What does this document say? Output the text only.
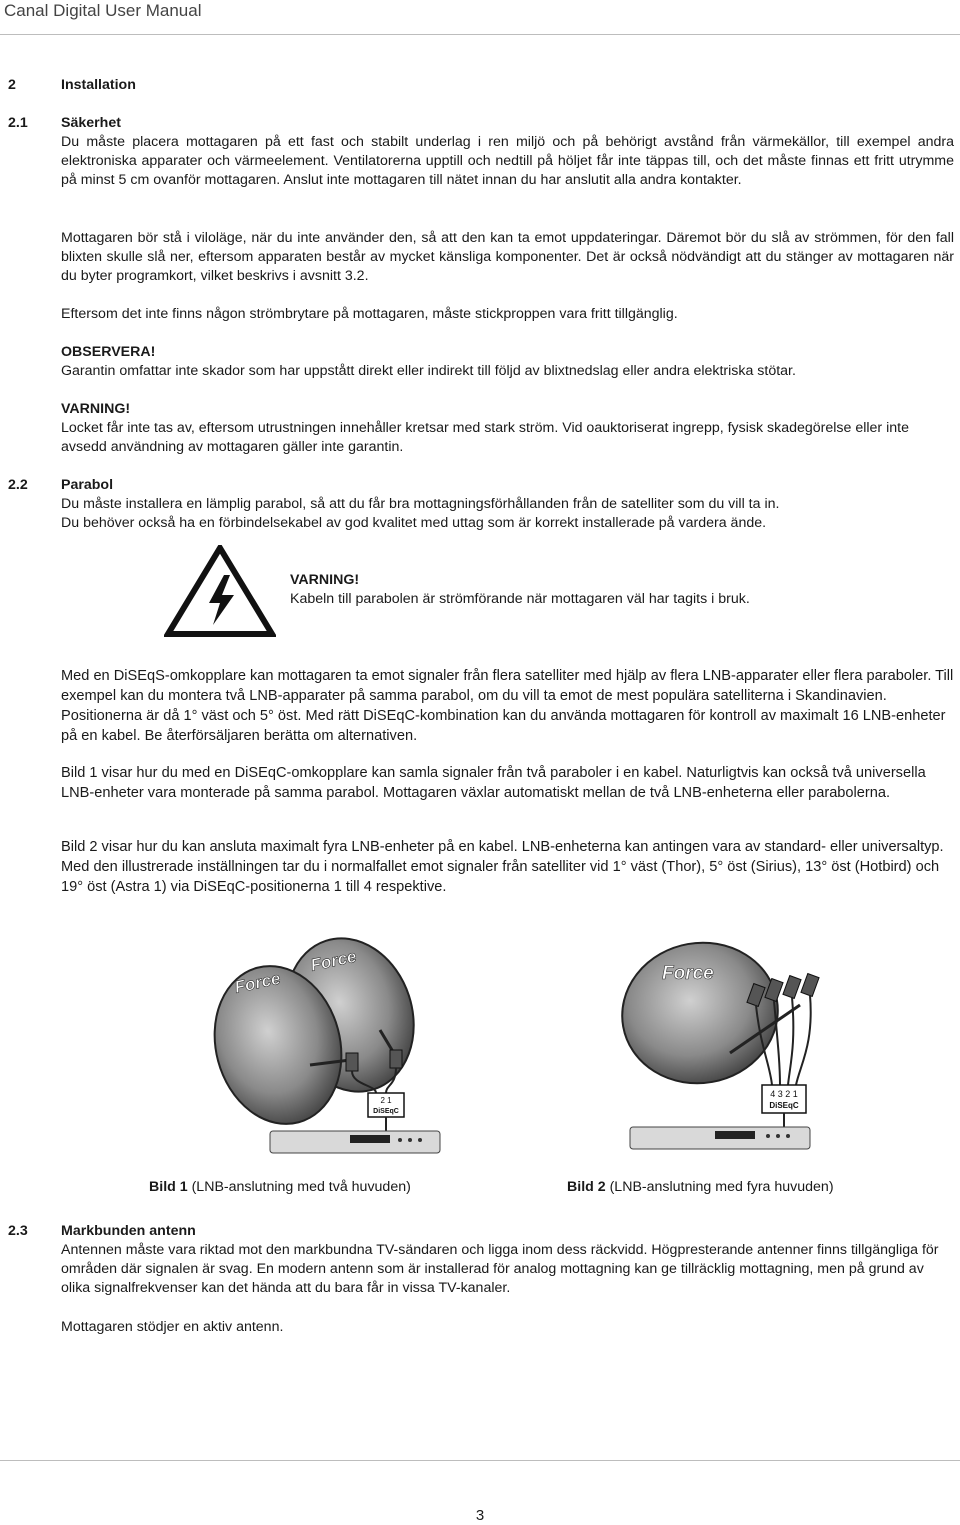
Canal Digital User Manual
2	Installation
2.1	Säkerhet

Du måste placera mottagaren på ett fast och stabilt underlag i ren miljö och på behörigt avstånd från värmekällor, till exempel andra elektroniska apparater och värmeelement. Ventilatorerna upptill och nedtill på höljet får inte täppas till, och det måste finnas ett fritt utrymme på minst 5 cm ovanför mottagaren. Anslut inte mottagaren till nätet innan du har anslutit alla andra kontakter.

Mottagaren bör stå i viloläge, när du inte använder den, så att den kan ta emot uppdateringar. Däremot bör du slå av strömmen, för den fall blixten skulle slå ner, eftersom apparaten består av mycket känsliga komponenter. Det är också nödvändigt att du stänger av mottagaren när du byter programkort, vilket beskrivs i avsnitt 3.2.
Eftersom det inte finns någon strömbrytare på mottagaren, måste stickproppen vara fritt tillgänglig.

OBSERVERA!

Garantin omfattar inte skador som har uppstått direkt eller indirekt till följd av blixtnedslag eller andra elektriska stötar.

VARNING!

Locket får inte tas av, eftersom utrustningen innehåller kretsar med stark ström. Vid oauktoriserat ingrepp, fysisk skadegörelse eller inte avsedd användning av mottagaren gäller inte garantin.

2.2	Parabol

Du måste installera en lämplig parabol, så att du får bra mottagningsförhållanden från de satelliter som du vill ta in.

Du behöver också ha en förbindelsekabel av god kvalitet med uttag som är korrekt installerade på vardera ände.

VARNING!

Kabeln till parabolen är strömförande när mottagaren väl har tagits i bruk.

Med en DiSEqS-omkopplare kan mottagaren ta emot signaler från flera satelliter med hjälp av flera LNB-apparater eller flera paraboler. Till exempel kan du montera två LNB-apparater på samma parabol, om du vill ta emot de mest populära satelliterna i Skandinavien. Positionerna är då 1° väst och 5° öst. Med rätt DiSEqC-kombination kan du använda mottagaren för kontroll av maximalt 16 LNB-enheter på en kabel. Be återförsäljaren berätta om alternativen.
Bild 1 visar hur du med en DiSEqC-omkopplare kan samla signaler från två paraboler i en kabel. Naturligtvis kan också två universella LNB-enheter vara monterade på samma parabol. Mottagaren växlar automatiskt mellan de två LNB-enheterna eller parabolerna.
Bild 2 visar hur du kan ansluta maximalt fyra LNB-enheter på en kabel. LNB-enheterna kan antingen vara av standard- eller universaltyp. Med den illustrerade inställningen tar du i normalfallet emot signaler från satelliter vid 1° väst (Thor), 5° öst (Sirius), 13° öst (Hotbird) och 19° öst (Astra 1) via DiSEqC-positionerna 1 till 4 respektive.
Force
Force
2 1
DiSEqC
Force
4 3 2 1
DiSEqC
Bild 1 (LNB-anslutning med två huvuden)	Bild 2 (LNB-anslutning med fyra huvuden)
2.3	Markbunden antenn

Antennen måste vara riktad mot den markbundna TV-sändaren och ligga inom dess räckvidd. Högpresterande antenner finns tillgängliga för områden där signalen är svag. En modern antenn som är installerad för analog mottagning kan ge tillräcklig mottagning, men på grund av olika signalfrekvenser kan det hända att du bara får in vissa TV-kanaler.

Mottagaren stödjer en aktiv antenn.
3
